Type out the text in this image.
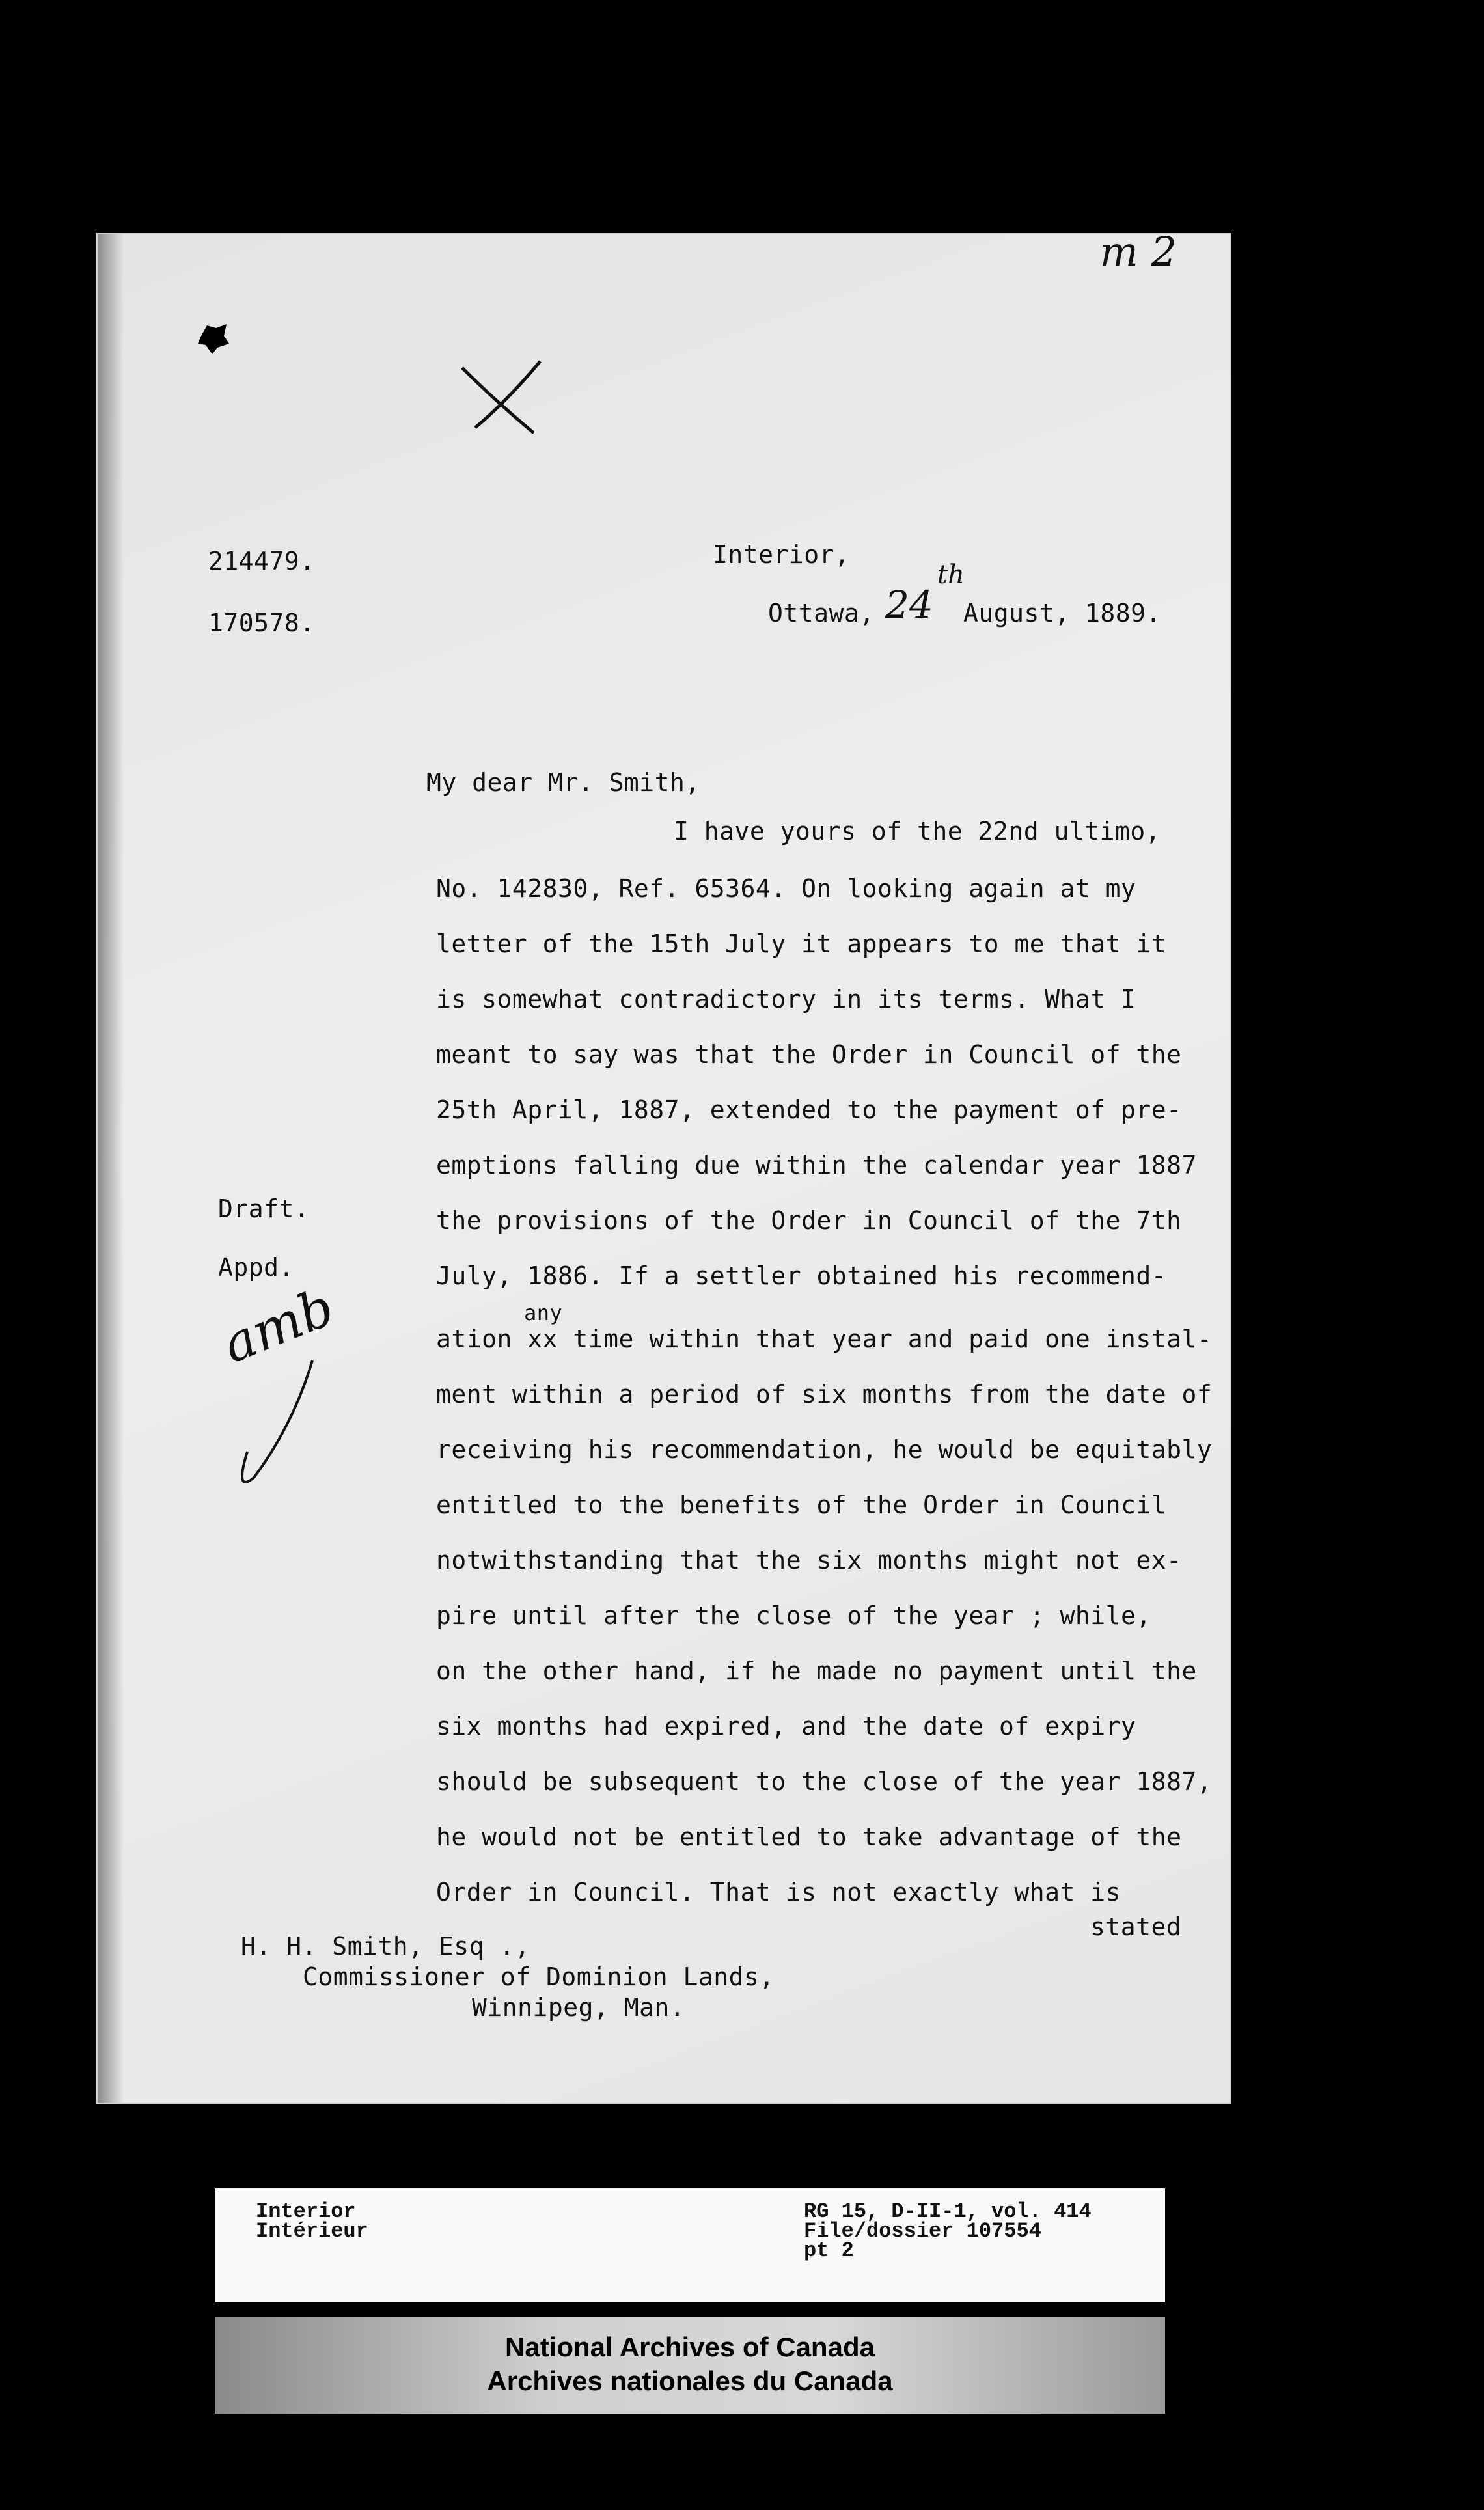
m 2
214479.
170578.
Interior,
Ottawa, 24
th
August, 1889.
My dear Mr. Smith,
I have yours of the 22nd ultimo,
No. 142830, Ref. 65364. On looking again at my
letter of the 15th July it appears to me that it
is somewhat contradictory in its terms. What I
meant to say was that the Order in Council of the
25th April, 1887, extended to the payment of pre-
emptions falling due within the calendar year 1887
the provisions of the Order in Council of the 7th
July, 1886. If a settler obtained his recommend-
any
ation xx time within that year and paid one instal-
ment within a period of six months from the date of
receiving his recommendation, he would be equitably
entitled to the benefits of the Order in Council
notwithstanding that the six months might not ex-
pire until after the close of the year ; while,
on the other hand, if he made no payment until the
six months had expired, and the date of expiry
should be subsequent to the close of the year 1887,
he would not be entitled to take advantage of the
Order in Council. That is not exactly what is
stated
Draft.
Appd.
amb
H. H. Smith, Esq .,
Commissioner of Dominion Lands,
Winnipeg, Man.
Interior
Intérieur
RG 15, D-II-1, vol. 414
File/dossier 107554
pt 2
National Archives of Canada
Archives nationales du Canada
